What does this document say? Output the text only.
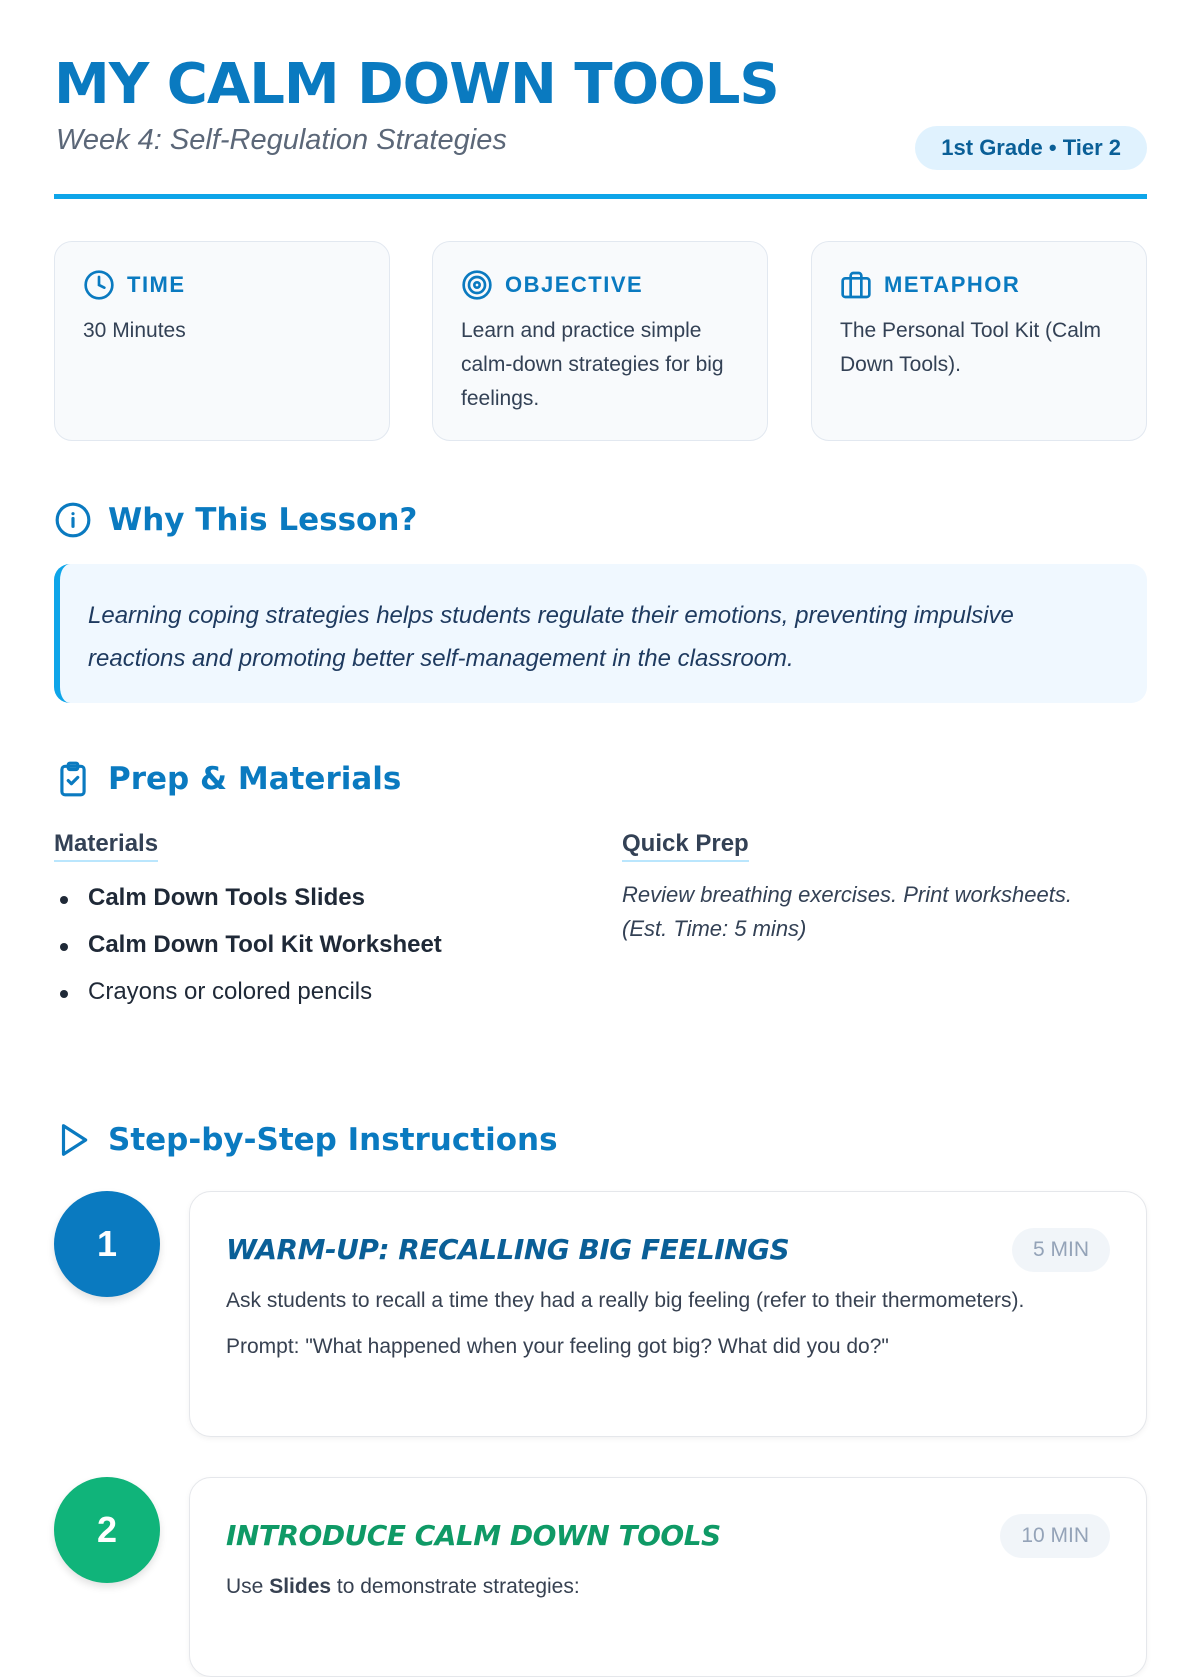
MY CALM DOWN TOOLS
Week 4: Self-Regulation Strategies	1st Grade • Tier 2
TIME
30 Minutes
OBJECTIVE
Learn and practice simple calm-down strategies for big feelings.
METAPHOR
The Personal Tool Kit (Calm Down Tools).
Why This Lesson?
Learning coping strategies helps students regulate their emotions, preventing impulsive reactions and promoting better self-management in the classroom.
Prep & Materials
Materials
Calm Down Tools Slides
Calm Down Tool Kit Worksheet
Crayons or colored pencils
Quick Prep
Review breathing exercises. Print worksheets. (Est. Time: 5 mins)
Step-by-Step Instructions
1	WARM-UP: RECALLING BIG FEELINGS	5 MIN

Ask students to recall a time they had a really big feeling (refer to their thermometers).

Prompt: "What happened when your feeling got big? What did you do?"

2	INTRODUCE CALM DOWN TOOLS	10 MIN

Use Slides to demonstrate strategies:
